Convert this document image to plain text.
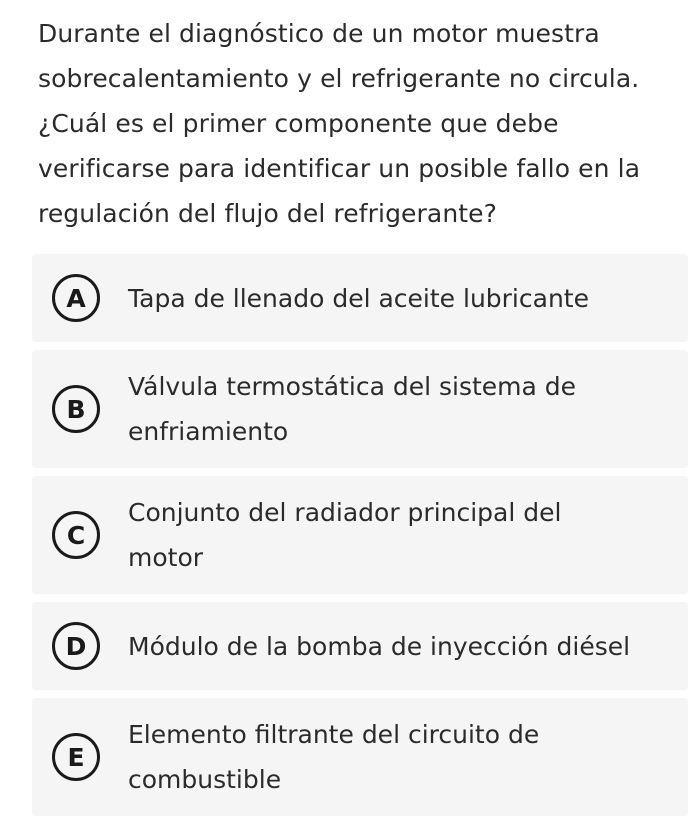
Durante el diagnóstico de un motor muestra sobrecalentamiento y el refrigerante no circula. ¿Cuál es el primer componente que debe verificarse para identificar un posible fallo en la regulación del flujo del refrigerante?
A	Tapa de llenado del aceite lubricante
B
Válvula termostática del sistema de enfriamiento
C
Conjunto del radiador principal del motor
D	Módulo de la bomba de inyección diésel
E
Elemento filtrante del circuito de combustible
